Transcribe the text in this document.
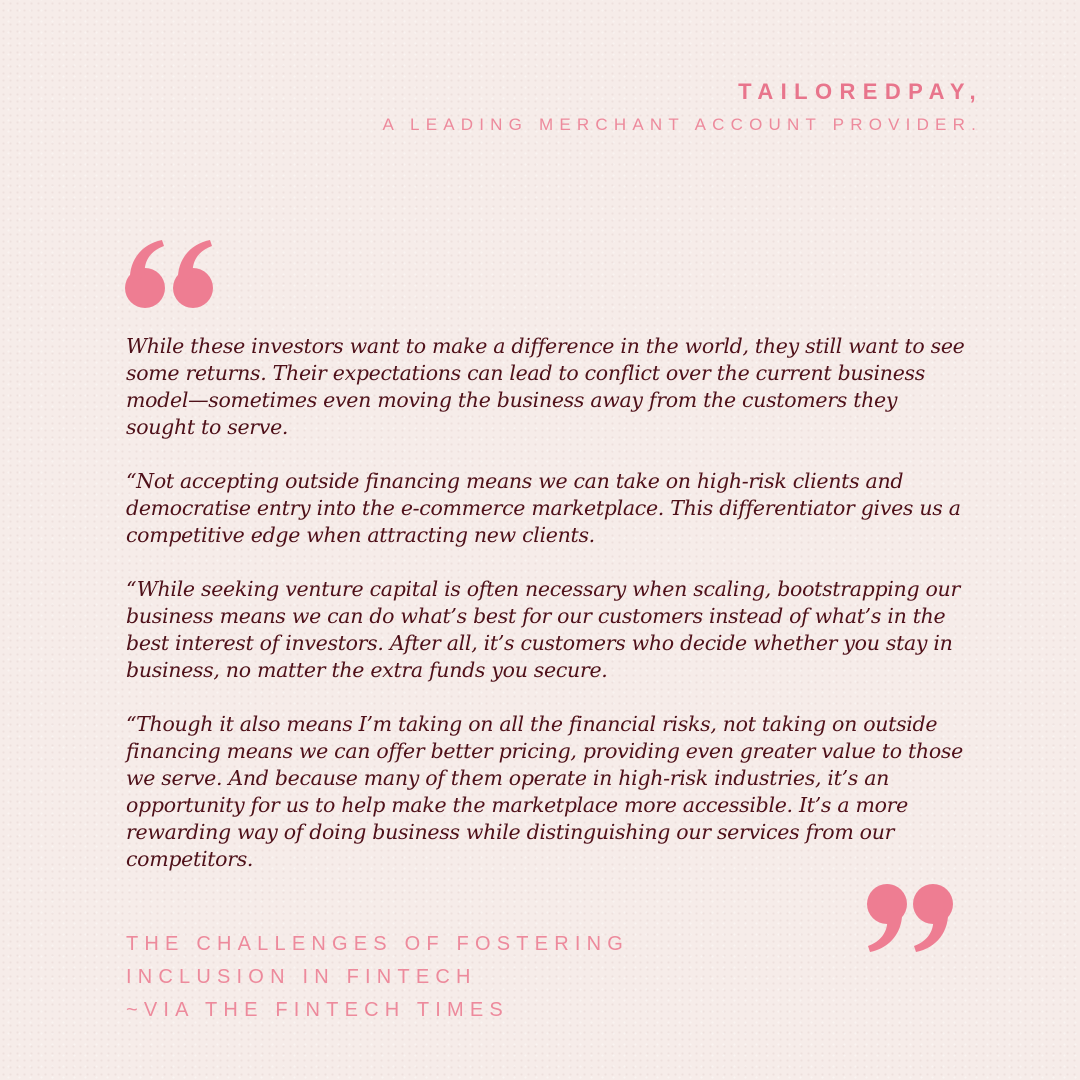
TAILOREDPAY,
A LEADING MERCHANT ACCOUNT PROVIDER.

While these investors want to make a difference in the world, they still want to see some returns. Their expectations can lead to conflict over the current business model—sometimes even moving the business away from the customers they sought to serve.

“Not accepting outside financing means we can take on high-risk clients and democratise entry into the e-commerce marketplace. This differentiator gives us a competitive edge when attracting new clients.

“While seeking venture capital is often necessary when scaling, bootstrapping our business means we can do what’s best for our customers instead of what’s in the best interest of investors. After all, it’s customers who decide whether you stay in business, no matter the extra funds you secure.

“Though it also means I’m taking on all the financial risks, not taking on outside financing means we can offer better pricing, providing even greater value to those we serve. And because many of them operate in high-risk industries, it’s an opportunity for us to help make the marketplace more accessible. It’s a more rewarding way of doing business while distinguishing our services from our competitors.

THE CHALLENGES OF FOSTERING
INCLUSION IN FINTECH
~VIA THE FINTECH TIMES
